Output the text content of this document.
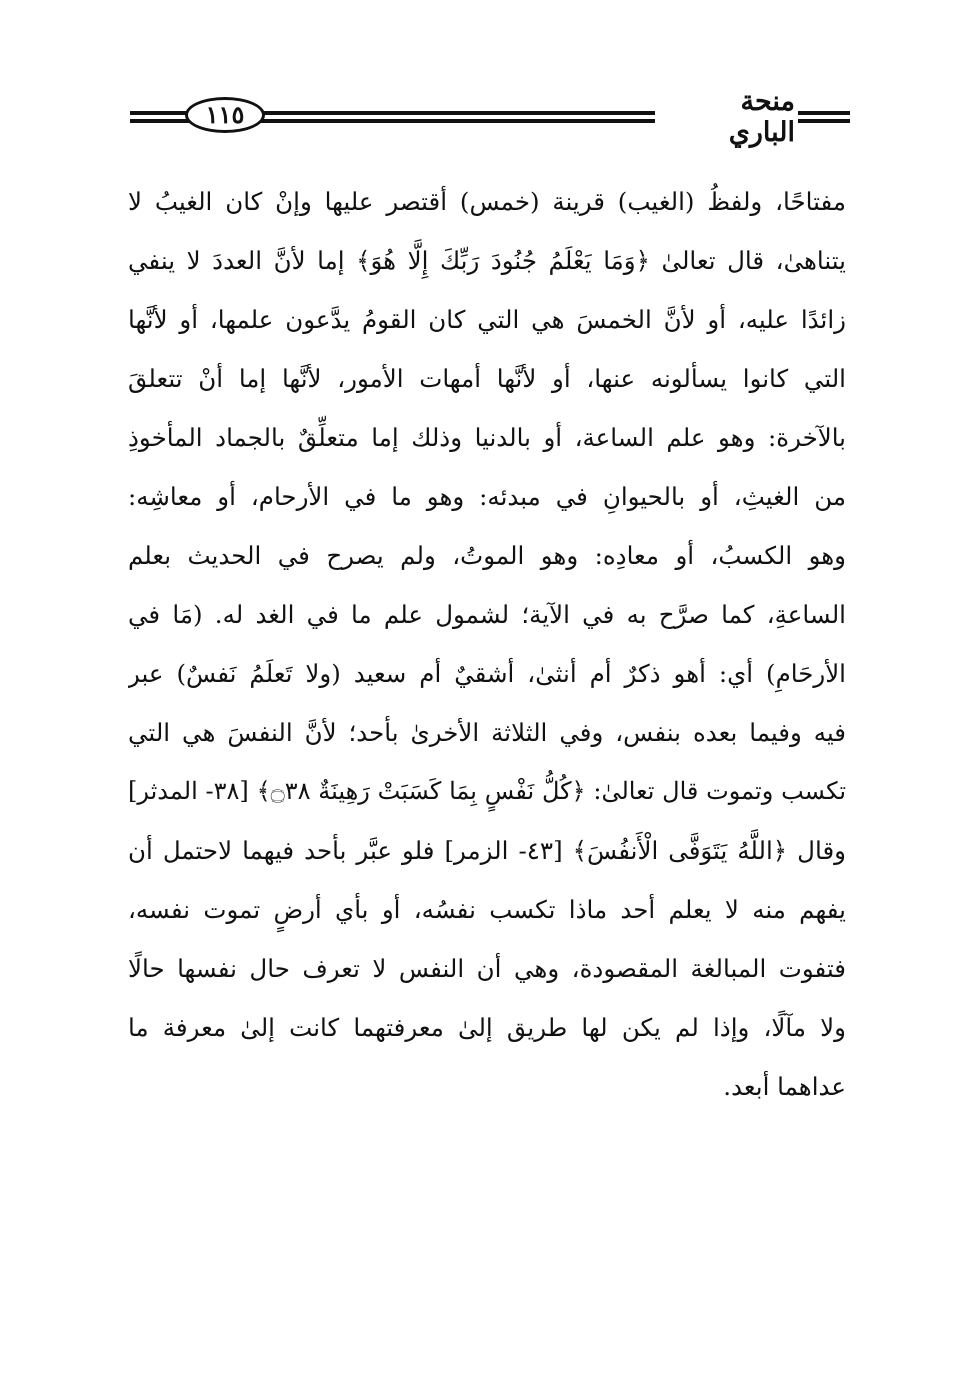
١١٥	منحة الباري
مفتاحًا، ولفظُ (الغيب) قرينة (خمس) أقتصر عليها وإنْ كان الغيبُ لا
يتناهىٰ، قال تعالىٰ ﴿وَمَا يَعْلَمُ جُنُودَ رَبِّكَ إِلَّا هُوَ﴾ إما لأنَّ العددَ لا ينفي
زائدًا عليه، أو لأنَّ الخمسَ هي التي كان القومُ يدَّعون علمها، أو لأنَّها
التي كانوا يسألونه عنها، أو لأنَّها أمهات الأمور، لأنَّها إما أنْ تتعلقَ
بالآخرة: وهو علم الساعة، أو بالدنيا وذلك إما متعلِّقٌ بالجماد المأخوذِ
من الغيثِ، أو بالحيوانِ في مبدئه: وهو ما في الأرحام، أو معاشِه:
وهو الكسبُ، أو معادِه: وهو الموتُ، ولم يصرح في الحديث بعلم
الساعةِ، كما صرَّح به في الآية؛ لشمول علم ما في الغد له. (مَا في
الأرحَامِ) أي: أهو ذكرٌ أم أنثىٰ، أشقيٌ أم سعيد (ولا تَعلَمُ نَفسٌ) عبر
فيه وفيما بعده بنفس، وفي الثلاثة الأخرىٰ بأحد؛ لأنَّ النفسَ هي التي
تكسب وتموت قال تعالىٰ: ﴿كُلُّ نَفْسٍ بِمَا كَسَبَتْ رَهِينَةٌ ۝٣٨﴾ [٣٨- المدثر]
وقال ﴿اللَّهُ يَتَوَفَّى الْأَنفُسَ﴾ [٤٣- الزمر] فلو عبَّر بأحد فيهما لاحتمل أن
يفهم منه لا يعلم أحد ماذا تكسب نفسُه، أو بأي أرضٍ تموت نفسه،
فتفوت المبالغة المقصودة، وهي أن النفس لا تعرف حال نفسها حالًا
ولا مآلًا، وإذا لم يكن لها طريق إلىٰ معرفتهما كانت إلىٰ معرفة ما
عداهما أبعد.
